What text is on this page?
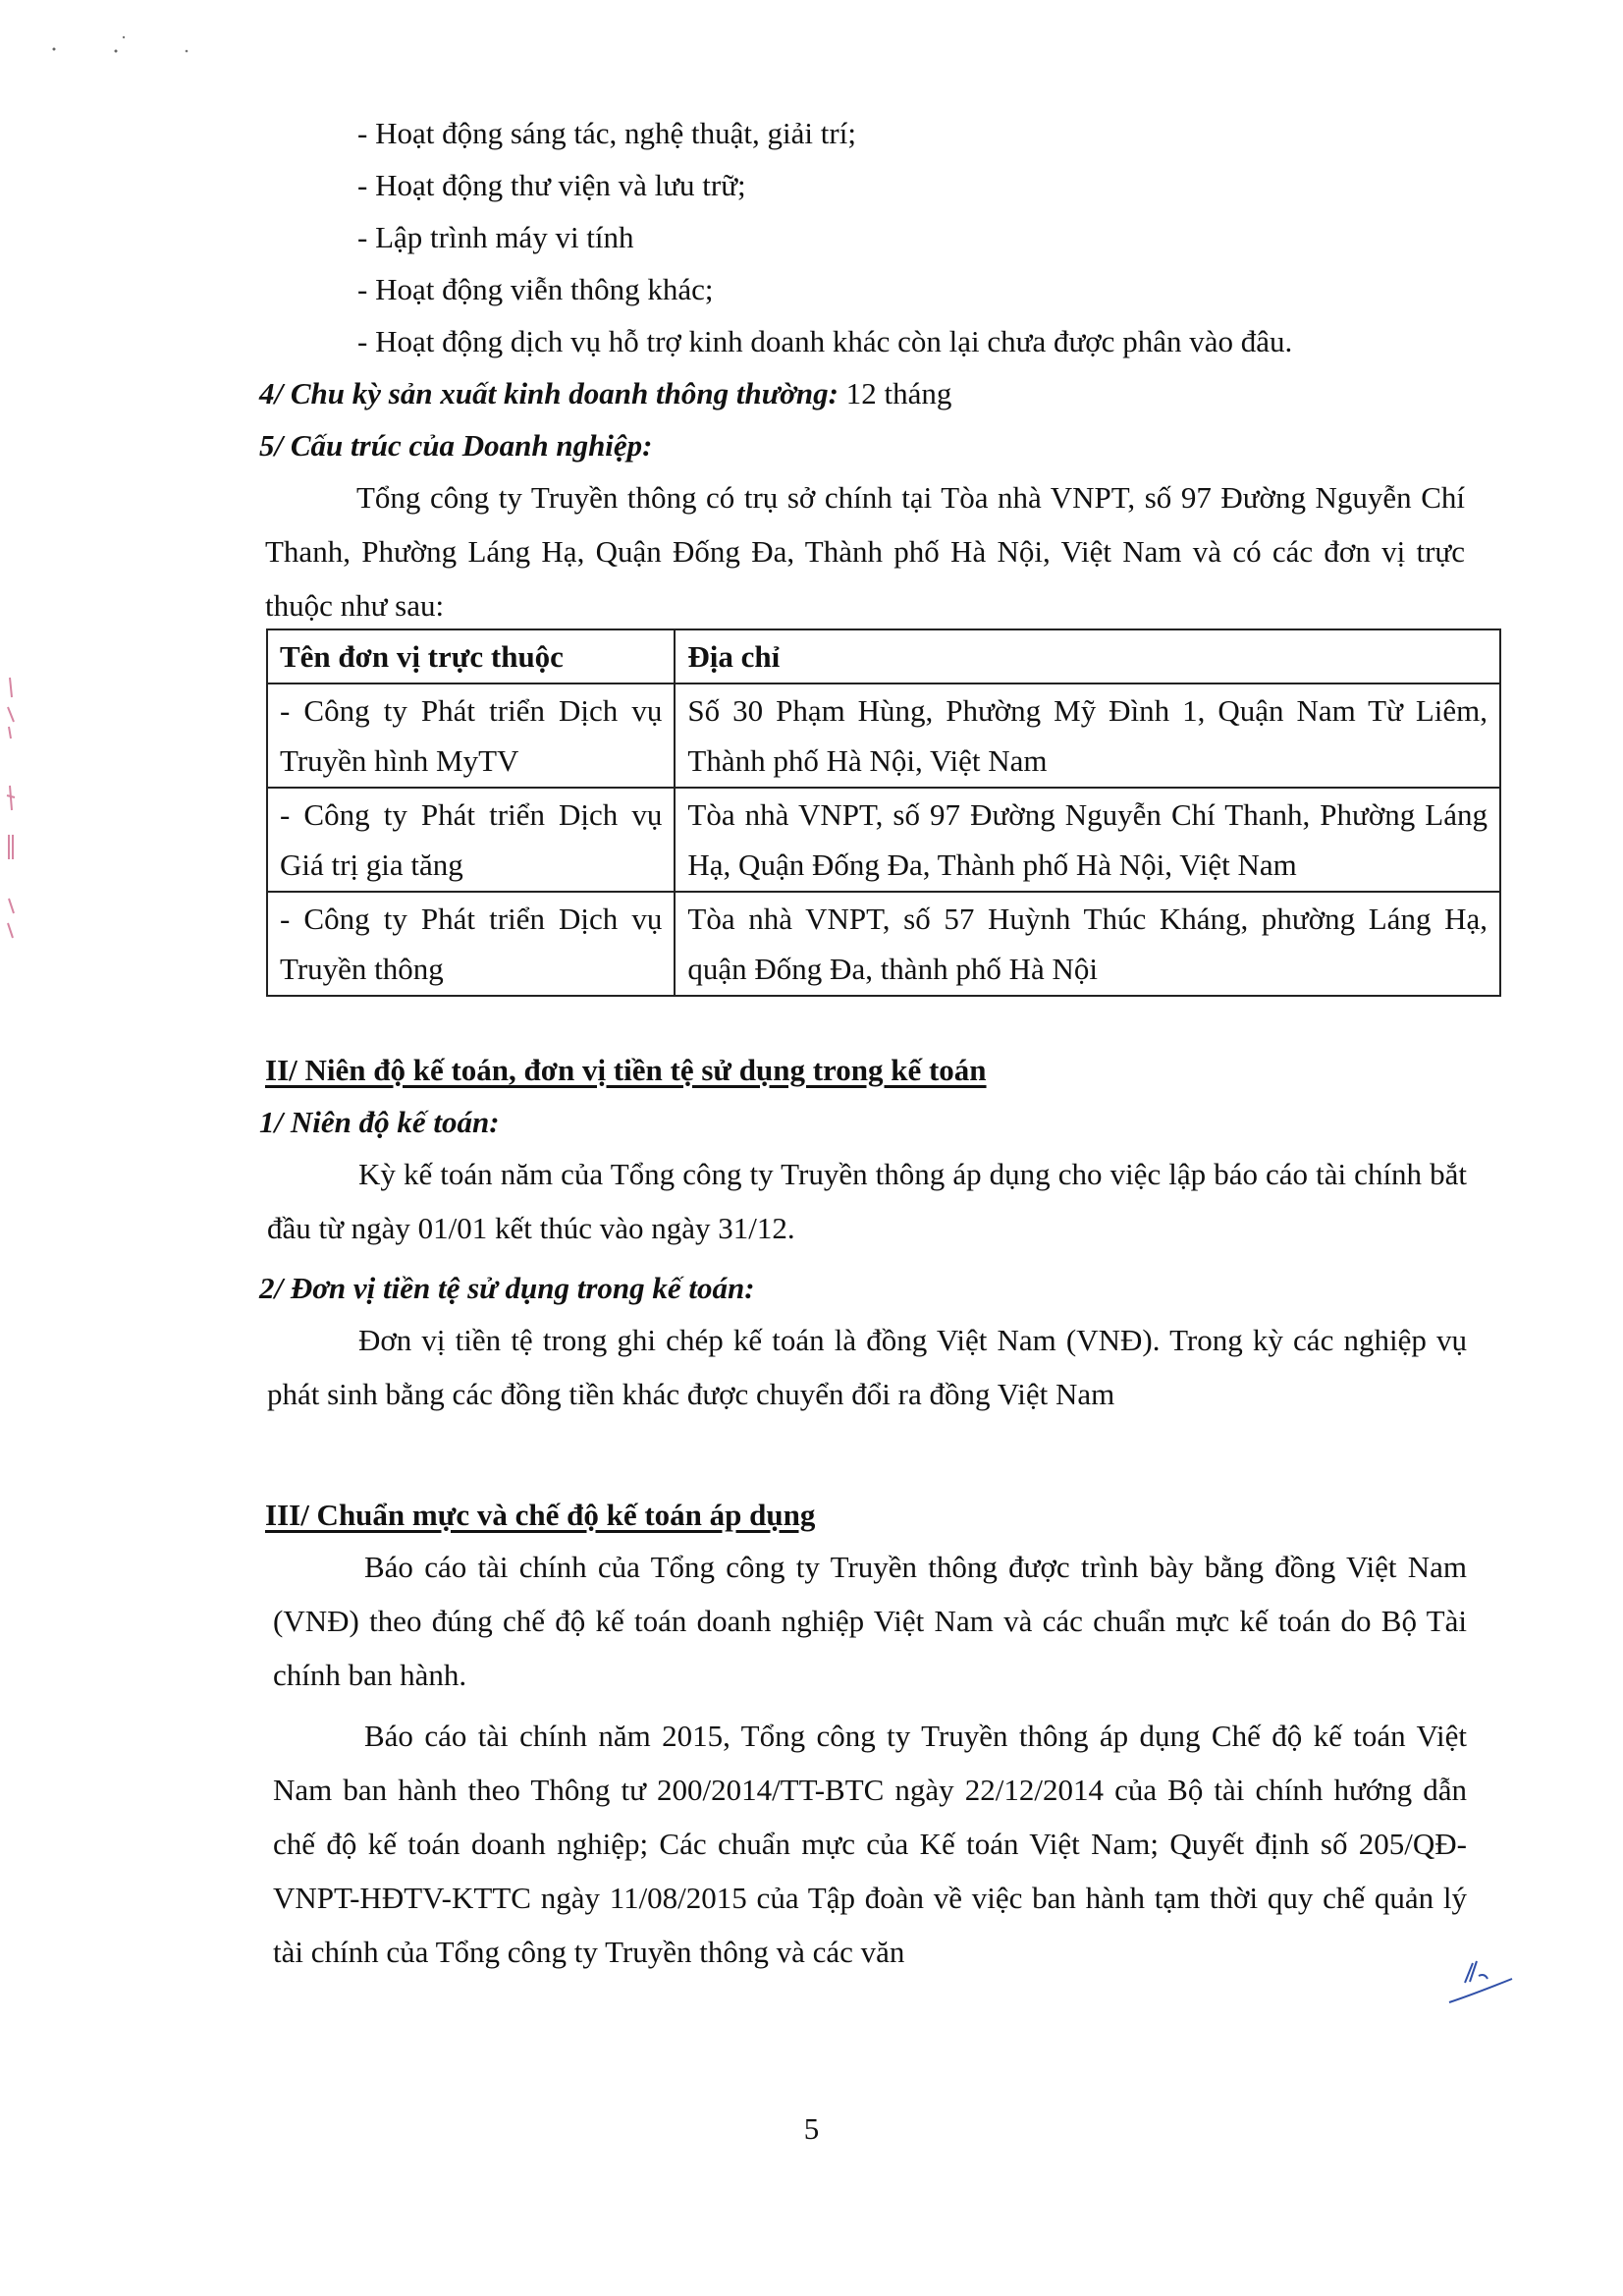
- Hoạt động sáng tác, nghệ thuật, giải trí;

- Hoạt động thư viện và lưu trữ;

- Lập trình máy vi tính

- Hoạt động viễn thông khác;

- Hoạt động dịch vụ hỗ trợ kinh doanh khác còn lại chưa được phân vào đâu.

4/ Chu kỳ sản xuất kinh doanh thông thường: 12 tháng

5/ Cấu trúc của Doanh nghiệp:

Tổng công ty Truyền thông có trụ sở chính tại Tòa nhà VNPT, số 97 Đường Nguyễn Chí Thanh, Phường Láng Hạ, Quận Đống Đa, Thành phố Hà Nội, Việt Nam và có các đơn vị trực thuộc như sau:

Tên đơn vị trực thuộc	Địa chỉ
- Công ty Phát triển Dịch vụ Truyền hình MyTV	Số 30 Phạm Hùng, Phường Mỹ Đình 1, Quận Nam Từ Liêm, Thành phố Hà Nội, Việt Nam
- Công ty Phát triển Dịch vụ Giá trị gia tăng	Tòa nhà VNPT, số 97 Đường Nguyễn Chí Thanh, Phường Láng Hạ, Quận Đống Đa, Thành phố Hà Nội, Việt Nam
- Công ty Phát triển Dịch vụ Truyền thông	Tòa nhà VNPT, số 57 Huỳnh Thúc Kháng, phường Láng Hạ, quận Đống Đa, thành phố Hà Nội

II/ Niên độ kế toán, đơn vị tiền tệ sử dụng trong kế toán

1/ Niên độ kế toán:

Kỳ kế toán năm của Tổng công ty Truyền thông áp dụng cho việc lập báo cáo tài chính bắt đầu từ ngày 01/01 kết thúc vào ngày 31/12.

2/ Đơn vị tiền tệ sử dụng trong kế toán:

Đơn vị tiền tệ trong ghi chép kế toán là đồng Việt Nam (VNĐ). Trong kỳ các nghiệp vụ phát sinh bằng các đồng tiền khác được chuyển đổi ra đồng Việt Nam

III/ Chuẩn mực và chế độ kế toán áp dụng

Báo cáo tài chính của Tổng công ty Truyền thông được trình bày bằng đồng Việt Nam (VNĐ) theo đúng chế độ kế toán doanh nghiệp Việt Nam và các chuẩn mực kế toán do Bộ Tài chính ban hành.

Báo cáo tài chính năm 2015, Tổng công ty Truyền thông áp dụng Chế độ kế toán Việt Nam ban hành theo Thông tư 200/2014/TT-BTC ngày 22/12/2014 của Bộ tài chính hướng dẫn chế độ kế toán doanh nghiệp; Các chuẩn mực của Kế toán Việt Nam; Quyết định số 205/QĐ-VNPT-HĐTV-KTTC ngày 11/08/2015 của Tập đoàn về việc ban hành tạm thời quy chế quản lý tài chính của Tổng công ty Truyền thông và các văn

5
